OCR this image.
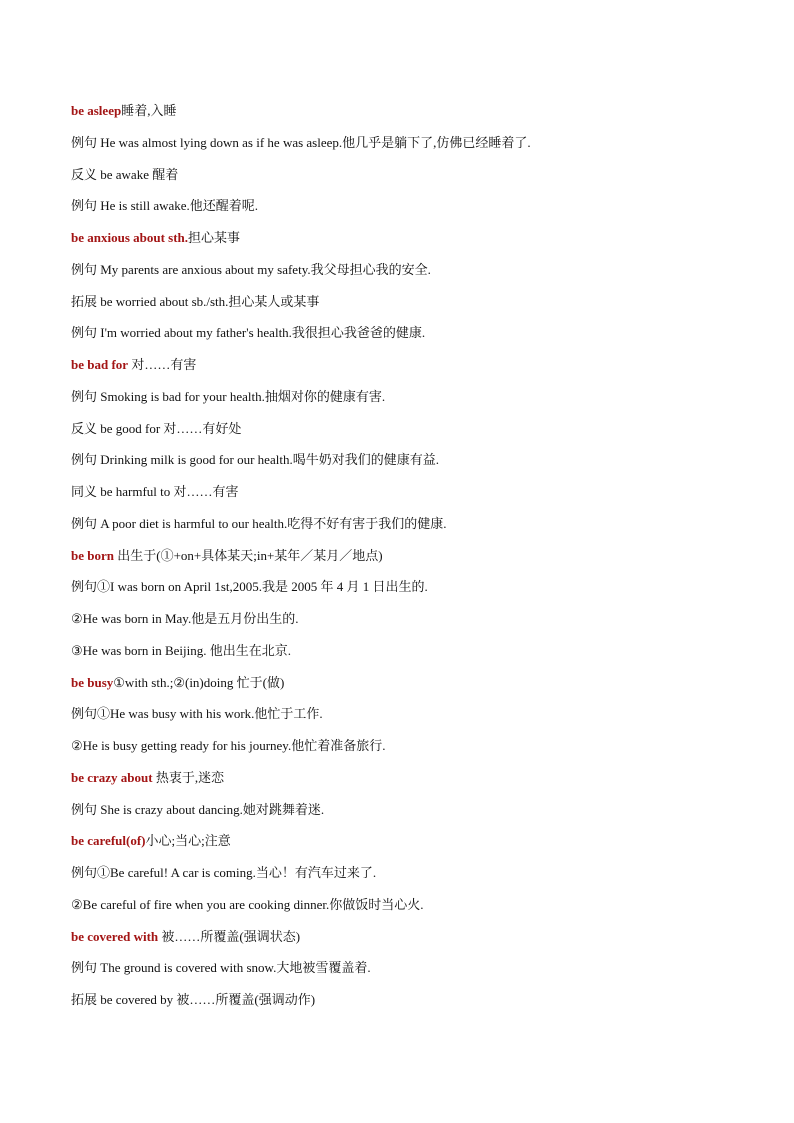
be asleep睡着,入睡
例句 He was almost lying down as if he was asleep.他几乎是躺下了,仿佛已经睡着了.
反义 be awake 醒着
例句 He is still awake.他还醒着呢.
be anxious about sth.担心某事
例句 My parents are anxious about my safety.我父母担心我的安全.
拓展 be worried about sb./sth.担心某人或某事
例句 I'm worried about my father's health.我很担心我爸爸的健康.
be bad for 对……有害
例句 Smoking is bad for your health.抽烟对你的健康有害.
反义 be good for 对……有好处
例句 Drinking milk is good for our health.喝牛奶对我们的健康有益.
同义 be harmful to 对……有害
例句 A poor diet is harmful to our health.吃得不好有害于我们的健康.
be born 出生于(①+on+具体某天;in+某年／某月／地点)
例句①I was born on April 1st,2005.我是 2005 年 4 月 1 日出生的.
②He was born in May.他是五月份出生的.
③He was born in Beijing. 他出生在北京.
be busy①with sth.;②(in)doing 忙于(做)
例句①He was busy with his work.他忙于工作.
②He is busy getting ready for his journey.他忙着准备旅行.
be crazy about 热衷于,迷恋
例句 She is crazy about dancing.她对跳舞着迷.
be careful(of)小心;当心;注意
例句①Be careful! A car is coming.当心！有汽车过来了.
②Be careful of fire when you are cooking dinner.你做饭时当心火.
be covered with 被……所覆盖(强调状态)
例句 The ground is covered with snow.大地被雪覆盖着.
拓展 be covered by 被……所覆盖(强调动作)
